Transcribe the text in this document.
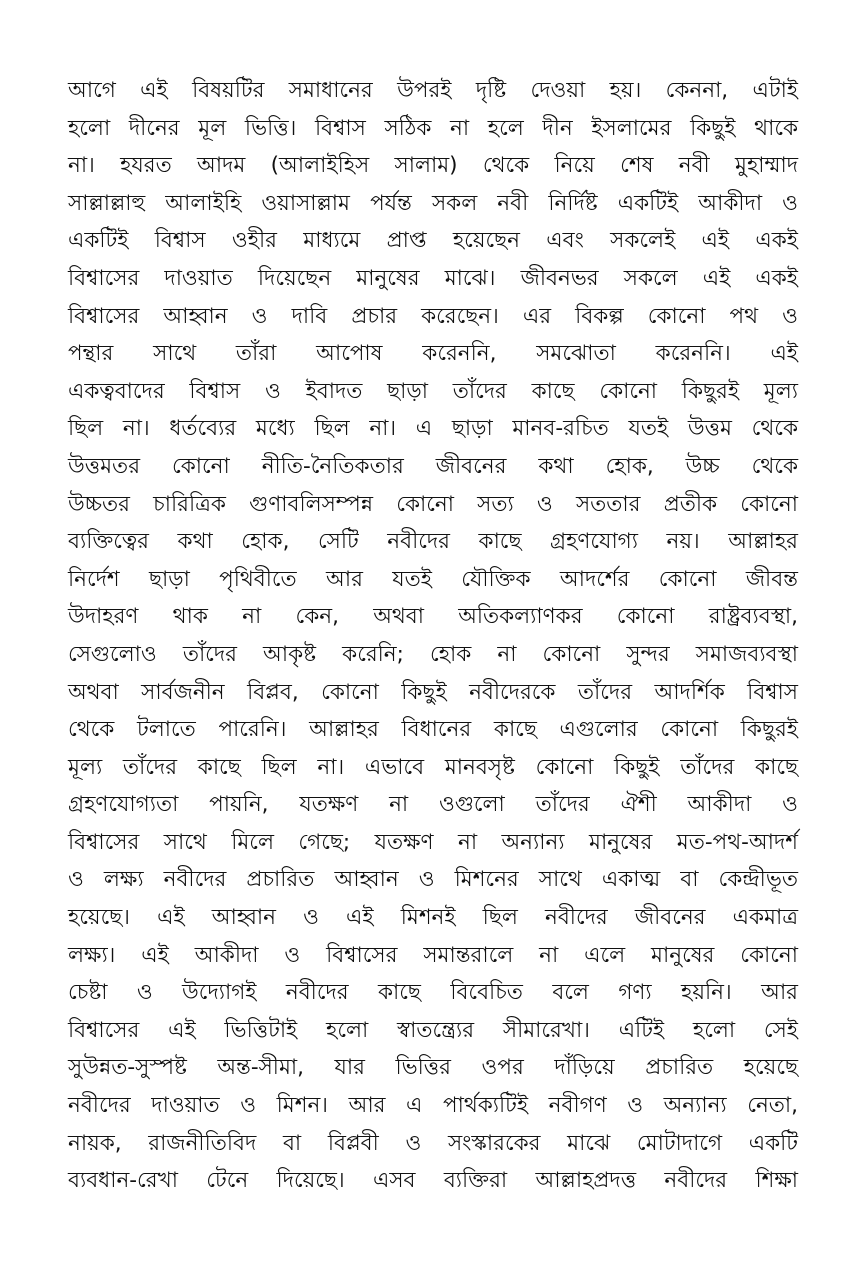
আগে এই বিষয়টির সমাধানের উপরই দৃষ্টি দেওয়া হয়। কেননা, এটাই
হলো দীনের মূল ভিত্তি। বিশ্বাস সঠিক না হলে দীন ইসলামের কিছুই থাকে
না। হযরত আদম (আলাইহিস সালাম) থেকে নিয়ে শেষ নবী মুহাম্মাদ
সাল্লাল্লাহু আলাইহি ওয়াসাল্লাম পর্যন্ত সকল নবী নির্দিষ্ট একটিই আকীদা ও
একটিই বিশ্বাস ওহীর মাধ্যমে প্রাপ্ত হয়েছেন এবং সকলেই এই একই
বিশ্বাসের দাওয়াত দিয়েছেন মানুষের মাঝে। জীবনভর সকলে এই একই
বিশ্বাসের আহ্বান ও দাবি প্রচার করেছেন। এর বিকল্প কোনো পথ ও
পন্থার সাথে তাঁরা আপোষ করেননি, সমঝোতা করেননি। এই
একত্ববাদের বিশ্বাস ও ইবাদত ছাড়া তাঁদের কাছে কোনো কিছুরই মূল্য
ছিল না। ধর্তব্যের মধ্যে ছিল না। এ ছাড়া মানব-রচিত যতই উত্তম থেকে
উত্তমতর কোনো নীতি-নৈতিকতার জীবনের কথা হোক, উচ্চ থেকে
উচ্চতর চারিত্রিক গুণাবলিসম্পন্ন কোনো সত্য ও সততার প্রতীক কোনো
ব্যক্তিত্বের কথা হোক, সেটি নবীদের কাছে গ্রহণযোগ্য নয়। আল্লাহর
নির্দেশ ছাড়া পৃথিবীতে আর যতই যৌক্তিক আদর্শের কোনো জীবন্ত
উদাহরণ থাক না কেন, অথবা অতিকল্যাণকর কোনো রাষ্ট্রব্যবস্থা,
সেগুলোও তাঁদের আকৃষ্ট করেনি; হোক না কোনো সুন্দর সমাজব্যবস্থা
অথবা সার্বজনীন বিপ্লব, কোনো কিছুই নবীদেরকে তাঁদের আদর্শিক বিশ্বাস
থেকে টলাতে পারেনি। আল্লাহর বিধানের কাছে এগুলোর কোনো কিছুরই
মূল্য তাঁদের কাছে ছিল না। এভাবে মানবসৃষ্ট কোনো কিছুই তাঁদের কাছে
গ্রহণযোগ্যতা পায়নি, যতক্ষণ না ওগুলো তাঁদের ঐশী আকীদা ও
বিশ্বাসের সাথে মিলে গেছে; যতক্ষণ না অন্যান্য মানুষের মত-পথ-আদর্শ
ও লক্ষ্য নবীদের প্রচারিত আহ্বান ও মিশনের সাথে একাত্ম বা কেন্দ্রীভূত
হয়েছে। এই আহ্বান ও এই মিশনই ছিল নবীদের জীবনের একমাত্র
লক্ষ্য। এই আকীদা ও বিশ্বাসের সমান্তরালে না এলে মানুষের কোনো
চেষ্টা ও উদ্যোগই নবীদের কাছে বিবেচিত বলে গণ্য হয়নি। আর
বিশ্বাসের এই ভিত্তিটাই হলো স্বাতন্ত্র্যের সীমারেখা। এটিই হলো সেই
সুউন্নত-সুস্পষ্ট অন্ত-সীমা, যার ভিত্তির ওপর দাঁড়িয়ে প্রচারিত হয়েছে
নবীদের দাওয়াত ও মিশন। আর এ পার্থক্যটিই নবীগণ ও অন্যান্য নেতা,
নায়ক, রাজনীতিবিদ বা বিপ্লবী ও সংস্কারকের মাঝে মোটাদাগে একটি
ব্যবধান-রেখা টেনে দিয়েছে। এসব ব্যক্তিরা আল্লাহপ্রদত্ত নবীদের শিক্ষা
